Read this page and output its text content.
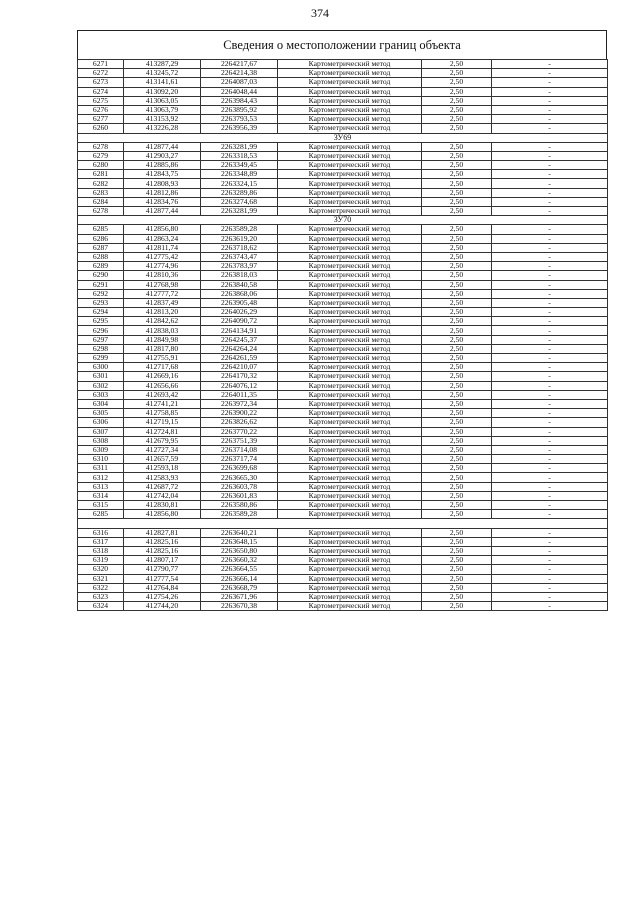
374
Сведения о местоположении границ объекта
6271	413287,29	2264217,67	Картометрический метод	2,50	-
6272	413245,72	2264214,38	Картометрический метод	2,50	-
6273	413141,61	2264087,03	Картометрический метод	2,50	-
6274	413092,20	2264048,44	Картометрический метод	2,50	-
6275	413063,05	2263984,43	Картометрический метод	2,50	-
6276	413063,79	2263895,92	Картометрический метод	2,50	-
6277	413153,92	2263793,53	Картометрический метод	2,50	-
6260	413226,28	2263956,39	Картометрический метод	2,50	-
ЗУ69					
6278	412877,44	2263281,99	Картометрический метод	2,50	-
6279	412903,27	2263318,53	Картометрический метод	2,50	-
6280	412885,86	2263349,45	Картометрический метод	2,50	-
6281	412843,75	2263348,89	Картометрический метод	2,50	-
6282	412808,93	2263324,15	Картометрический метод	2,50	-
6283	412812,86	2263289,86	Картометрический метод	2,50	-
6284	412834,76	2263274,68	Картометрический метод	2,50	-
6278	412877,44	2263281,99	Картометрический метод	2,50	-
ЗУ70					
6285	412856,80	2263589,28	Картометрический метод	2,50	-
6286	412863,24	2263619,20	Картометрический метод	2,50	-
6287	412811,74	2263718,62	Картометрический метод	2,50	-
6288	412775,42	2263743,47	Картометрический метод	2,50	-
6289	412774,96	2263783,97	Картометрический метод	2,50	-
6290	412810,36	2263818,03	Картометрический метод	2,50	-
6291	412768,98	2263840,58	Картометрический метод	2,50	-
6292	412777,72	2263868,06	Картометрический метод	2,50	-
6293	412837,49	2263905,48	Картометрический метод	2,50	-
6294	412813,20	2264026,29	Картометрический метод	2,50	-
6295	412842,62	2264090,72	Картометрический метод	2,50	-
6296	412838,03	2264134,91	Картометрический метод	2,50	-
6297	412849,98	2264245,37	Картометрический метод	2,50	-
6298	412817,80	2264264,24	Картометрический метод	2,50	-
6299	412755,91	2264261,59	Картометрический метод	2,50	-
6300	412717,68	2264210,07	Картометрический метод	2,50	-
6301	412669,16	2264170,32	Картометрический метод	2,50	-
6302	412656,66	2264076,12	Картометрический метод	2,50	-
6303	412693,42	2264011,35	Картометрический метод	2,50	-
6304	412741,21	2263972,34	Картометрический метод	2,50	-
6305	412758,85	2263900,22	Картометрический метод	2,50	-
6306	412719,15	2263826,62	Картометрический метод	2,50	-
6307	412724,81	2263770,22	Картометрический метод	2,50	-
6308	412679,95	2263751,39	Картометрический метод	2,50	-
6309	412727,34	2263714,08	Картометрический метод	2,50	-
6310	412657,59	2263717,74	Картометрический метод	2,50	-
6311	412593,18	2263699,68	Картометрический метод	2,50	-
6312	412583,93	2263665,30	Картометрический метод	2,50	-
6313	412687,72	2263603,78	Картометрический метод	2,50	-
6314	412742,04	2263601,83	Картометрический метод	2,50	-
6315	412830,81	2263580,86	Картометрический метод	2,50	-
6285	412856,80	2263589,28	Картометрический метод	2,50	-

6316	412827,81	2263640,21	Картометрический метод	2,50	-
6317	412825,16	2263648,15	Картометрический метод	2,50	-
6318	412825,16	2263650,80	Картометрический метод	2,50	-
6319	412807,17	2263660,32	Картометрический метод	2,50	-
6320	412790,77	2263664,55	Картометрический метод	2,50	-
6321	412777,54	2263666,14	Картометрический метод	2,50	-
6322	412764,84	2263668,79	Картометрический метод	2,50	-
6323	412754,26	2263671,96	Картометрический метод	2,50	-
6324	412744,20	2263670,38	Картометрический метод	2,50	-
